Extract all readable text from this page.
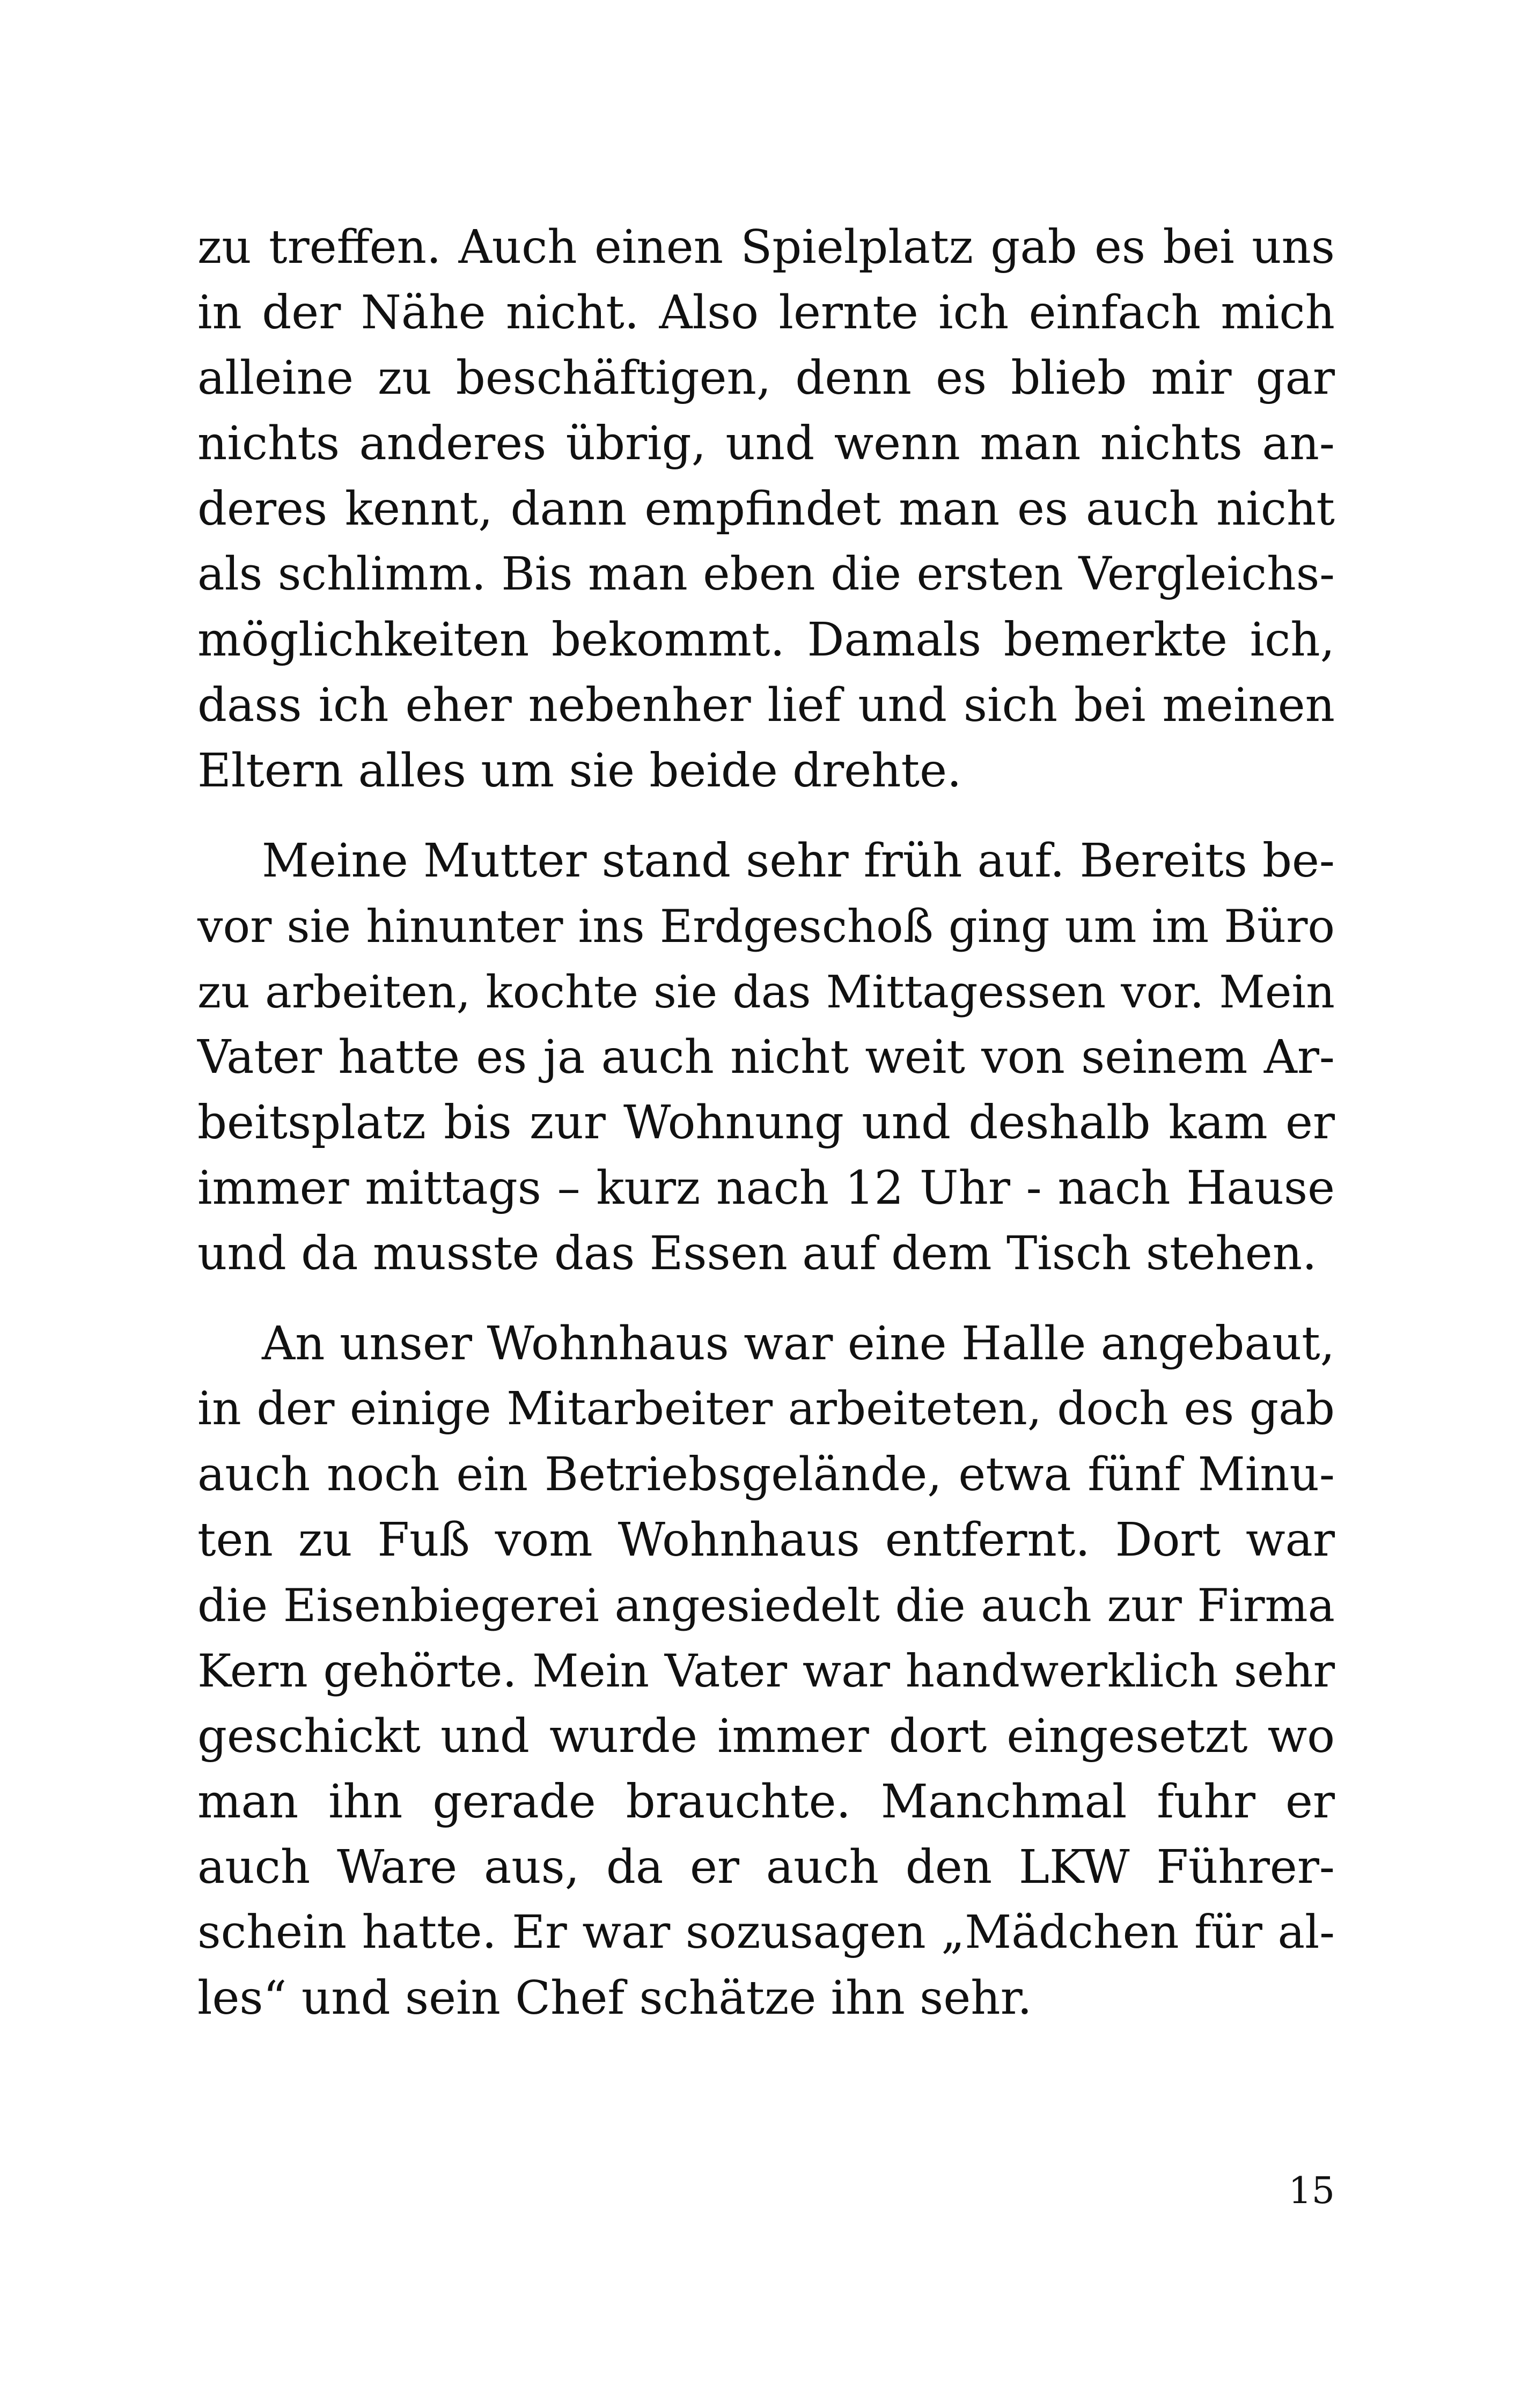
zu treffen. Auch einen Spielplatz gab es bei uns
in der Nähe nicht. Also lernte ich einfach mich
alleine zu beschäftigen, denn es blieb mir gar
nichts anderes übrig, und wenn man nichts an-
deres kennt, dann empfindet man es auch nicht
als schlimm. Bis man eben die ersten Vergleichs-
möglichkeiten bekommt. Damals bemerkte ich,
dass ich eher nebenher lief und sich bei meinen
Eltern alles um sie beide drehte.
Meine Mutter stand sehr früh auf. Bereits be-
vor sie hinunter ins Erdgeschoß ging um im Büro
zu arbeiten, kochte sie das Mittagessen vor. Mein
Vater hatte es ja auch nicht weit von seinem Ar-
beitsplatz bis zur Wohnung und deshalb kam er
immer mittags – kurz nach 12 Uhr - nach Hause
und da musste das Essen auf dem Tisch stehen.
An unser Wohnhaus war eine Halle angebaut,
in der einige Mitarbeiter arbeiteten, doch es gab
auch noch ein Betriebsgelände, etwa fünf Minu-
ten zu Fuß vom Wohnhaus entfernt. Dort war
die Eisenbiegerei angesiedelt die auch zur Firma
Kern gehörte. Mein Vater war handwerklich sehr
geschickt und wurde immer dort eingesetzt wo
man ihn gerade brauchte. Manchmal fuhr er
auch Ware aus, da er auch den LKW Führer-
schein hatte. Er war sozusagen „Mädchen für al-
les“ und sein Chef schätze ihn sehr.
15
